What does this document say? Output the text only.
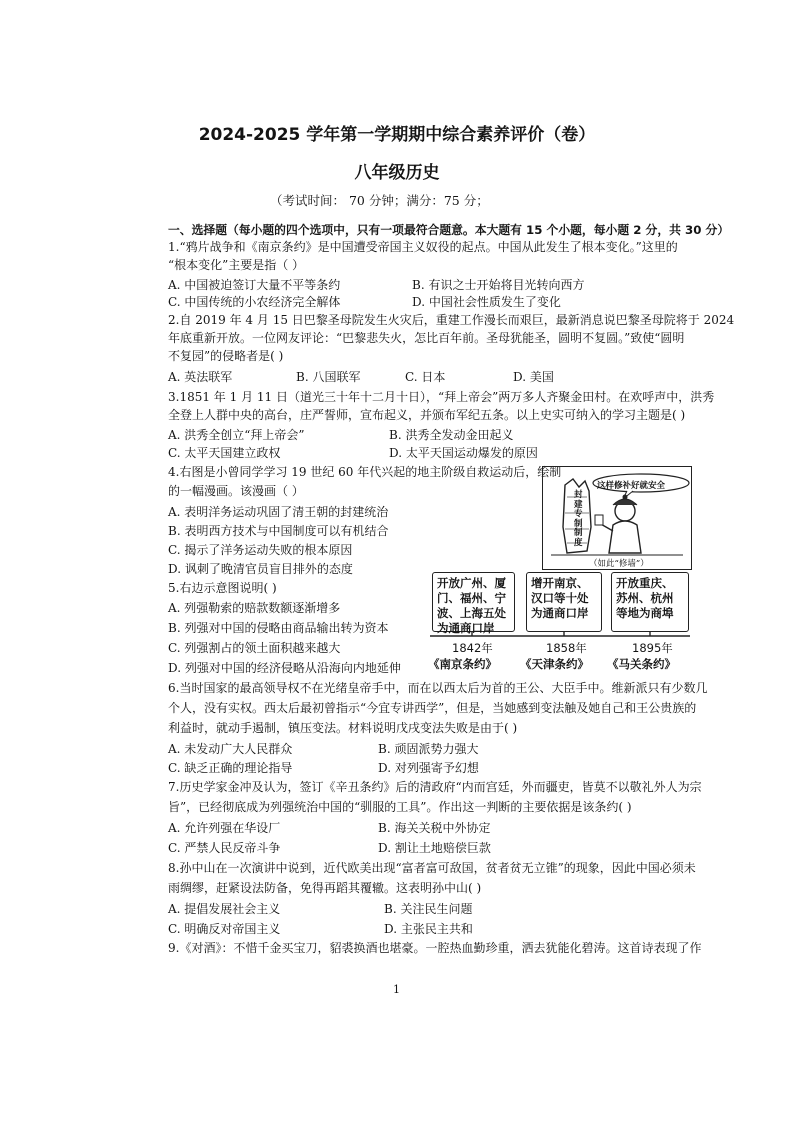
2024-2025 学年第一学期期中综合素养评价（卷）
八年级历史
（考试时间： 70 分钟；满分：75 分；
一、选择题（每小题的四个选项中，只有一项最符合题意。本大题有 15 个小题，每小题 2 分，共 30 分）
1.“鸦片战争和《南京条约》是中国遭受帝国主义奴役的起点。中国从此发生了根本变化。”这里的
“根本变化”主要是指（ ）
A. 中国被迫签订大量不平等条约	B. 有识之士开始将目光转向西方
C. 中国传统的小农经济完全解体	D. 中国社会性质发生了变化
2.自 2019 年 4 月 15 日巴黎圣母院发生火灾后，重建工作漫长而艰巨，最新消息说巴黎圣母院将于 2024
年底重新开放。一位网友评论：“巴黎悲失火，怎比百年前。圣母犹能圣，圆明不复圆。”致使“圆明
不复园”的侵略者是( )
A. 英法联军	B. 八国联军	C. 日本	D. 美国
3.1851 年 1 月 11 日（道光三十年十二月十日），“拜上帝会”两万多人齐聚金田村。在欢呼声中，洪秀
全登上人群中央的高台，庄严誓师，宣布起义，并颁布军纪五条。以上史实可纳入的学习主题是( )
A. 洪秀全创立“拜上帝会”	B. 洪秀全发动金田起义
C. 太平天国建立政权	D. 太平天国运动爆发的原因
4.右图是小曾同学学习 19 世纪 60 年代兴起的地主阶级自救运动后，绘制
的一幅漫画。该漫画（ ）
A. 表明洋务运动巩固了清王朝的封建统治
B. 表明西方技术与中国制度可以有机结合
C. 揭示了洋务运动失败的根本原因
D. 讽刺了晚清官员盲目排外的态度
这样修补好就安全
封建专制制度
（如此“修墙”）
5.右边示意图说明( )
A. 列强勒索的赔款数额逐渐增多
B. 列强对中国的侵略由商品输出转为资本
C. 列强割占的领土面积越来越大
D. 列强对中国的经济侵略从沿海向内地延伸
开放广州、厦门、福州、宁波、上海五处为通商口岸
增开南京、汉口等十处为通商口岸
开放重庆、苏州、杭州等地为商埠
1842年	1858年	1895年
《南京条约》 《天津条约》 《马关条约》
6.当时国家的最高领导权不在光绪皇帝手中，而在以西太后为首的王公、大臣手中。维新派只有少数几
个人，没有实权。西太后最初曾指示“今宜专讲西学”，但是，当她感到变法触及她自己和王公贵族的
利益时，就动手遏制，镇压变法。材料说明戊戌变法失败是由于( )
A. 未发动广大人民群众	B. 顽固派势力强大
C. 缺乏正确的理论指导	D. 对列强寄予幻想
7.历史学家金冲及认为，签订《辛丑条约》后的清政府“内而宫廷，外而疆吏，皆莫不以敬礼外人为宗
旨”，已经彻底成为列强统治中国的“驯服的工具”。作出这一判断的主要依据是该条约( )
A. 允许列强在华设厂	B. 海关关税中外协定
C. 严禁人民反帝斗争	D. 割让土地赔偿巨款
8.孙中山在一次演讲中说到，近代欧美出现“富者富可敌国，贫者贫无立锥”的现象，因此中国必须未
雨绸缪，赶紧设法防备，免得再蹈其覆辙。这表明孙中山( )
A. 提倡发展社会主义	B. 关注民生问题
C. 明确反对帝国主义	D. 主张民主共和
9.《对酒》：不惜千金买宝刀，貂裘换酒也堪豪。一腔热血勤珍重，洒去犹能化碧涛。这首诗表现了作
1
